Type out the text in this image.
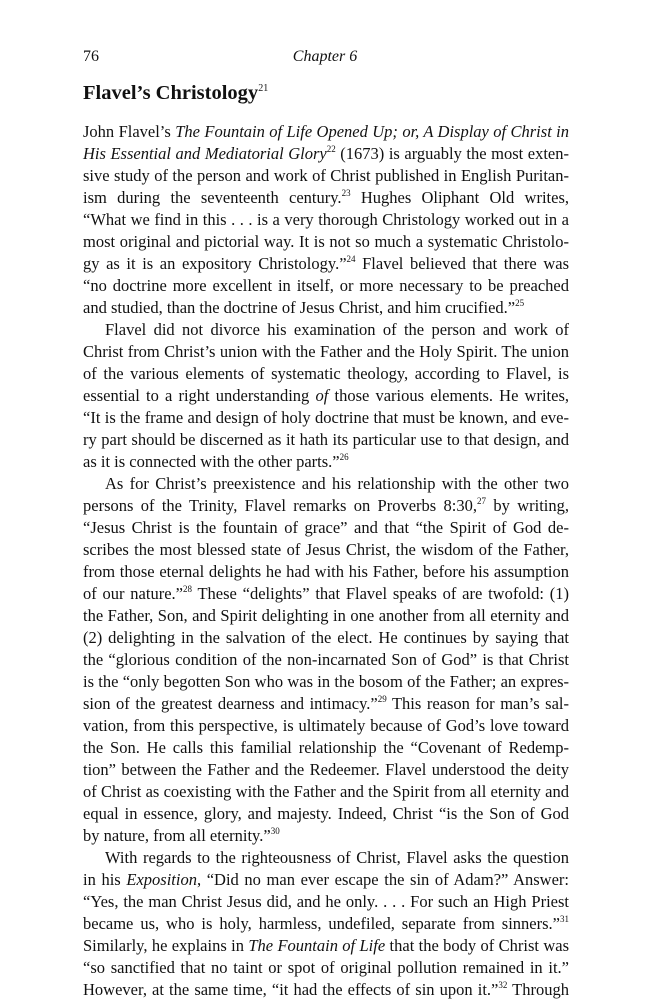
76	Chapter 6
Flavel’s Christology$^{21}$
John Flavel’s The Fountain of Life Opened Up; or, A Display of Christ in
His Essential and Mediatorial Glory$^{22}$ (1673) is arguably the most exten-
sive study of the person and work of Christ published in English Puritan-
ism during the seventeenth century.$^{23}$ Hughes Oliphant Old writes,
“What we find in this . . . is a very thorough Christology worked out in a
most original and pictorial way. It is not so much a systematic Christolo-
gy as it is an expository Christology.”$^{24}$ Flavel believed that there was
“no doctrine more excellent in itself, or more necessary to be preached
and studied, than the doctrine of Jesus Christ, and him crucified.”$^{25}$
Flavel did not divorce his examination of the person and work of
Christ from Christ’s union with the Father and the Holy Spirit. The union
of the various elements of systematic theology, according to Flavel, is
essential to a right understanding of those various elements. He writes,
“It is the frame and design of holy doctrine that must be known, and eve-
ry part should be discerned as it hath its particular use to that design, and
as it is connected with the other parts.”$^{26}$
As for Christ’s preexistence and his relationship with the other two
persons of the Trinity, Flavel remarks on Proverbs 8:30,27 by writing,
“Jesus Christ is the fountain of grace” and that “the Spirit of God de-
scribes the most blessed state of Jesus Christ, the wisdom of the Father,
from those eternal delights he had with his Father, before his assumption
of our nature.”$^{28}$ These “delights” that Flavel speaks of are twofold: (1)
the Father, Son, and Spirit delighting in one another from all eternity and
(2) delighting in the salvation of the elect. He continues by saying that
the “glorious condition of the non-incarnated Son of God” is that Christ
is the “only begotten Son who was in the bosom of the Father; an expres-
sion of the greatest dearness and intimacy.”$^{29}$ This reason for man’s sal-
vation, from this perspective, is ultimately because of God’s love toward
the Son. He calls this familial relationship the “Covenant of Redemp-
tion” between the Father and the Redeemer. Flavel understood the deity
of Christ as coexisting with the Father and the Spirit from all eternity and
equal in essence, glory, and majesty. Indeed, Christ “is the Son of God
by nature, from all eternity.”$^{30}$
With regards to the righteousness of Christ, Flavel asks the question
in his Exposition, “Did no man ever escape the sin of Adam?” Answer:
“Yes, the man Christ Jesus did, and he only. . . . For such an High Priest
became us, who is holy, harmless, undefiled, separate from sinners.”$^{31}$
Similarly, he explains in The Fountain of Life that the body of Christ was
“so sanctified that no taint or spot of original pollution remained in it.”
However, at the same time, “it had the effects of sin upon it.”$^{32}$ Through
